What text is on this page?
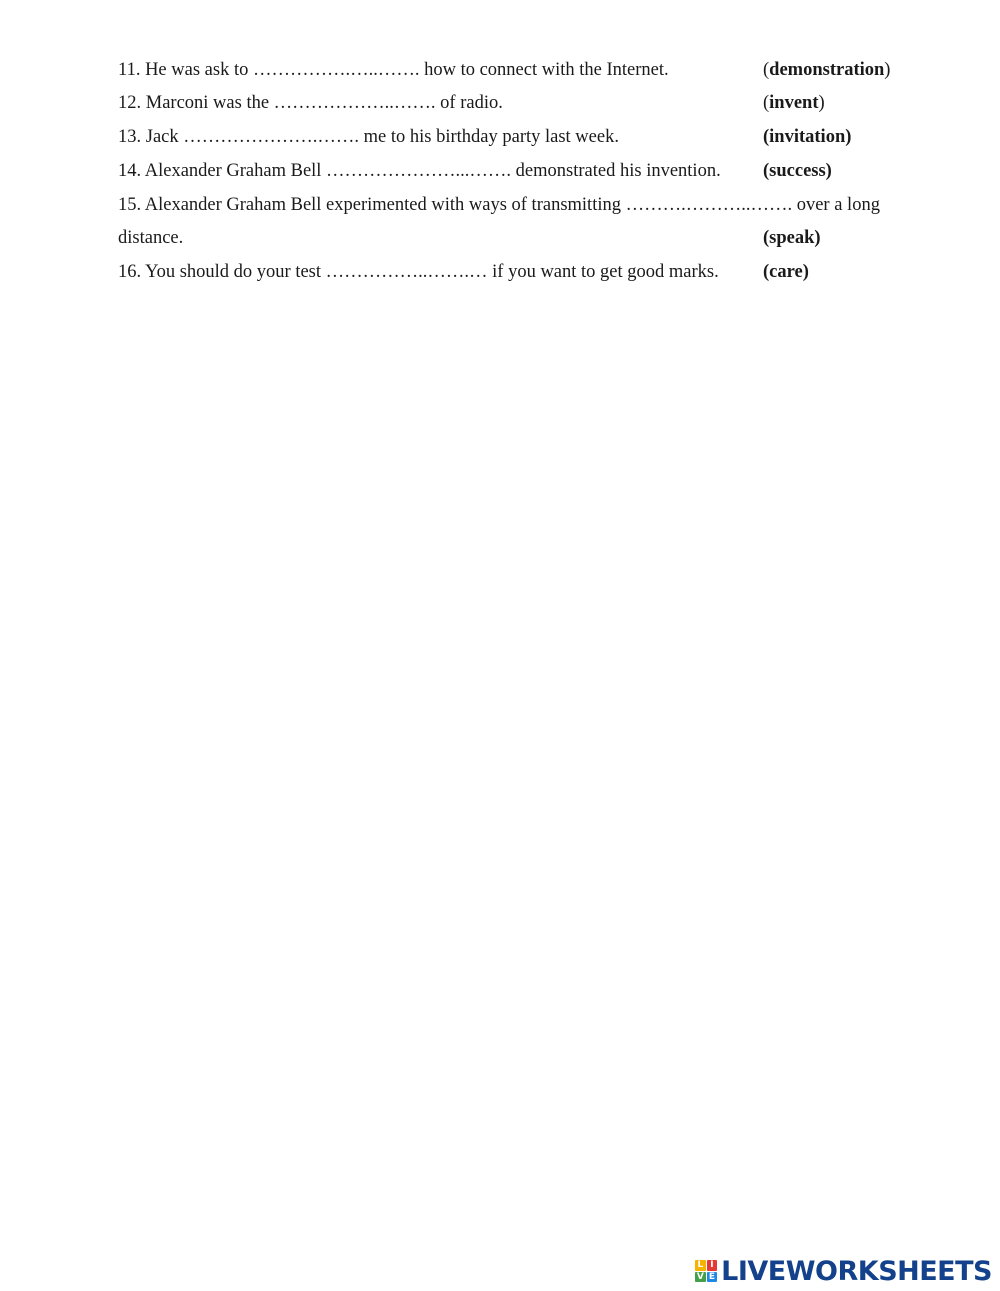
11. He was ask to …………….…..……. how to connect with the Internet.	(demonstration)
12. Marconi was the ………………..……. of radio.	(invent)
13. Jack ………………….……. me to his birthday party last week.	(invitation)
14. Alexander Graham Bell …………………...……. demonstrated his invention. (success)
15. Alexander Graham Bell experimented with ways of transmitting ……….………..……. over a long
distance.	(speak)
16. You should do your test ……………..…….… if you want to get good marks. (care)
L I
V E LIVEWORKSHEETS
